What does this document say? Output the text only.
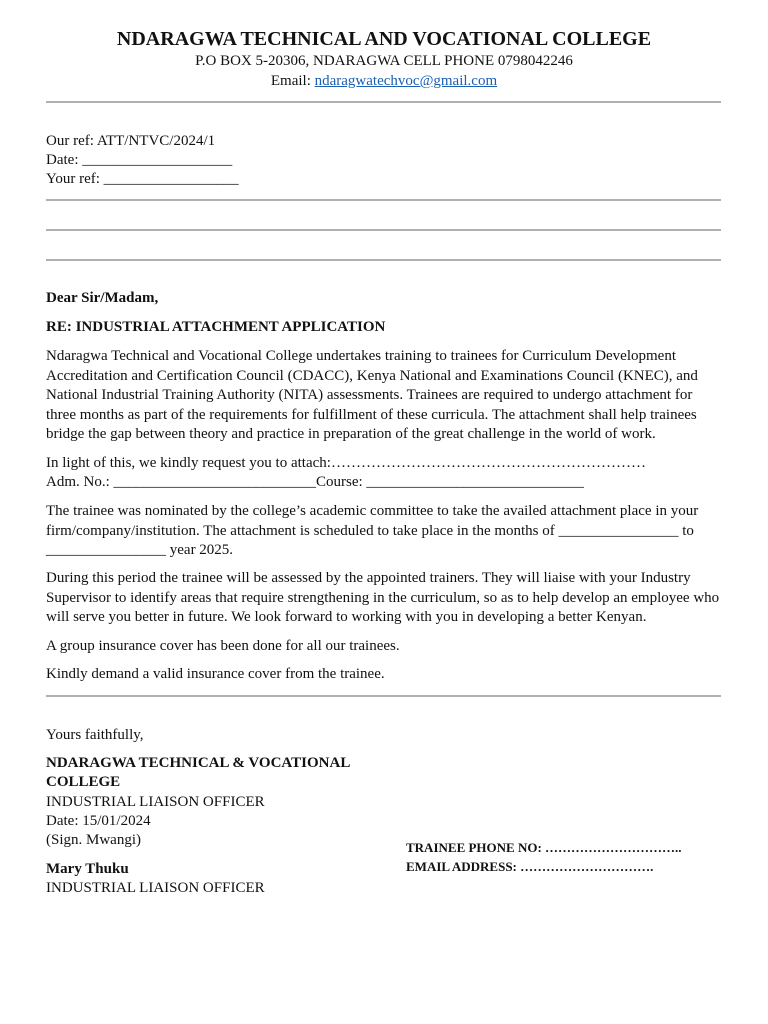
NDARAGWA TECHNICAL AND VOCATIONAL COLLEGE
P.O BOX 5-20306, NDARAGWA CELL PHONE 0798042246
Email: ndaragwatechvoc@gmail.com
Our ref: ATT/NTVC/2024/1
Date: ____________________
Your ref: __________________
Dear Sir/Madam,
RE: INDUSTRIAL ATTACHMENT APPLICATION
Ndaragwa Technical and Vocational College undertakes training to trainees for Curriculum Development Accreditation and Certification Council (CDACC), Kenya National and Examinations Council (KNEC), and National Industrial Training Authority (NITA) assessments. Trainees are required to undergo attachment for three months as part of the requirements for fulfillment of these curricula. The attachment shall help trainees bridge the gap between theory and practice in preparation of the great challenge in the world of work.
In light of this, we kindly request you to attach:………………………………………………………
Adm. No.: ___________________________Course: _____________________________
The trainee was nominated by the college’s academic committee to take the availed attachment place in your firm/company/institution. The attachment is scheduled to take place in the months of ________________ to ________________ year 2025.
During this period the trainee will be assessed by the appointed trainers. They will liaise with your Industry Supervisor to identify areas that require strengthening in the curriculum, so as to help develop an employee who will serve you better in future. We look forward to working with you in developing a better Kenyan.
A group insurance cover has been done for all our trainees.
Kindly demand a valid insurance cover from the trainee.
Yours faithfully,
NDARAGWA TECHNICAL & VOCATIONAL
COLLEGE
INDUSTRIAL LIAISON OFFICER
Date: 15/01/2024
(Sign. Mwangi)
Mary Thuku
INDUSTRIAL LIAISON OFFICER
TRAINEE PHONE NO: …………………………..
EMAIL ADDRESS: ………………………….
